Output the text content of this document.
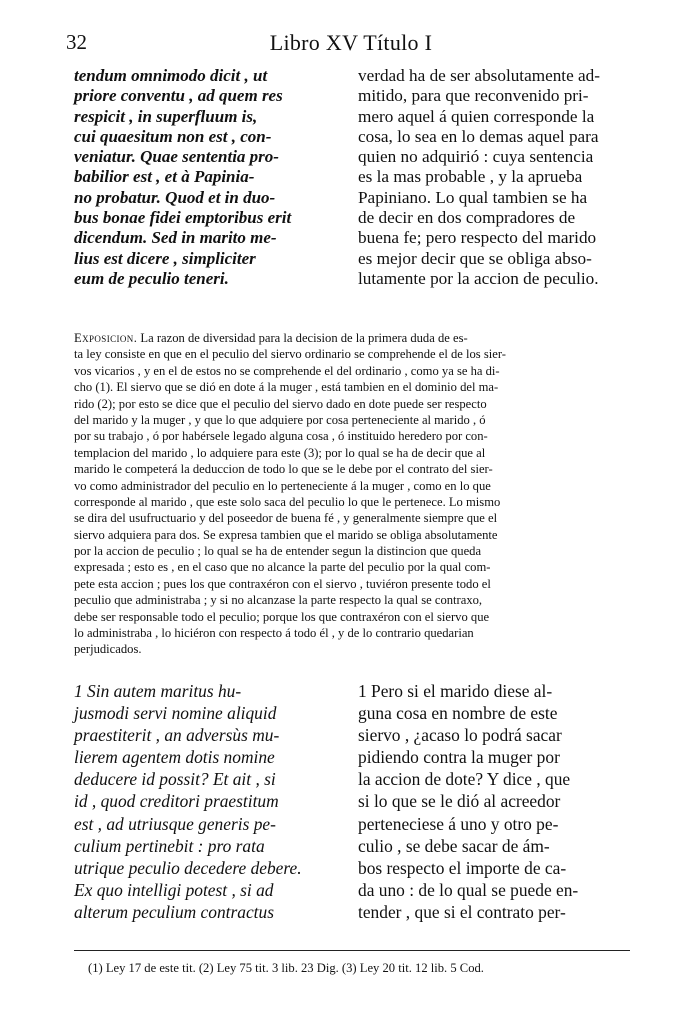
32	Libro XV Título I
tendum omnimodo dicit , ut
priore conventu , ad quem res
respicit , in superfluum is,
cui quaesitum non est , con-
veniatur. Quae sententia pro-
babilior est , et à Papinia-
no probatur. Quod et in duo-
bus bonae fidei emptoribus erit
dicendum. Sed in marito me-
lius est dicere , simpliciter
eum de peculio teneri.
verdad ha de ser absolutamente ad-
mitido, para que reconvenido pri-
mero aquel á quien corresponde la
cosa, lo sea en lo demas aquel para
quien no adquirió : cuya sentencia
es la mas probable , y la aprueba
Papiniano. Lo qual tambien se ha
de decir en dos compradores de
buena fe; pero respecto del marido
es mejor decir que se obliga abso-
lutamente por la accion de peculio.
Exposicion. La razon de diversidad para la decision de la primera duda de es-
ta ley consiste en que en el peculio del siervo ordinario se comprehende el de los sier-
vos vicarios , y en el de estos no se comprehende el del ordinario , como ya se ha di-
cho (1). El siervo que se dió en dote á la muger , está tambien en el dominio del ma-
rido (2); por esto se dice que el peculio del siervo dado en dote puede ser respecto
del marido y la muger , y que lo que adquiere por cosa perteneciente al marido , ó
por su trabajo , ó por habérsele legado alguna cosa , ó instituido heredero por con-
templacion del marido , lo adquiere para este (3); por lo qual se ha de decir que al
marido le competerá la deduccion de todo lo que se le debe por el contrato del sier-
vo como administrador del peculio en lo perteneciente á la muger , como en lo que
corresponde al marido , que este solo saca del peculio lo que le pertenece. Lo mismo
se dira del usufructuario y del poseedor de buena fé , y generalmente siempre que el
siervo adquiera para dos. Se expresa tambien que el marido se obliga absolutamente
por la accion de peculio ; lo qual se ha de entender segun la distincion que queda
expresada ; esto es , en el caso que no alcance la parte del peculio por la qual com-
pete esta accion ; pues los que contraxéron con el siervo , tuviéron presente todo el
peculio que administraba ; y si no alcanzase la parte respecto la qual se contraxo,
debe ser responsable todo el peculio; porque los que contraxéron con el siervo que
lo administraba , lo hiciéron con respecto á todo él , y de lo contrario quedarian
perjudicados.
1 Sin autem maritus hu-
jusmodi servi nomine aliquid
praestiterit , an adversùs mu-
lierem agentem dotis nomine
deducere id possit? Et ait , si
id , quod creditori praestitum
est , ad utriusque generis pe-
culium pertinebit : pro rata
utrique peculio decedere debere.
Ex quo intelligi potest , si ad
alterum peculium contractus
1 Pero si el marido diese al-
guna cosa en nombre de este
siervo , ¿acaso lo podrá sacar
pidiendo contra la muger por
la accion de dote? Y dice , que
si lo que se le dió al acreedor
perteneciese á uno y otro pe-
culio , se debe sacar de ám-
bos respecto el importe de ca-
da uno : de lo qual se puede en-
tender , que si el contrato per-
(1) Ley 17 de este tit. (2) Ley 75 tit. 3 lib. 23 Dig. (3) Ley 20 tit. 12 lib. 5 Cod.
